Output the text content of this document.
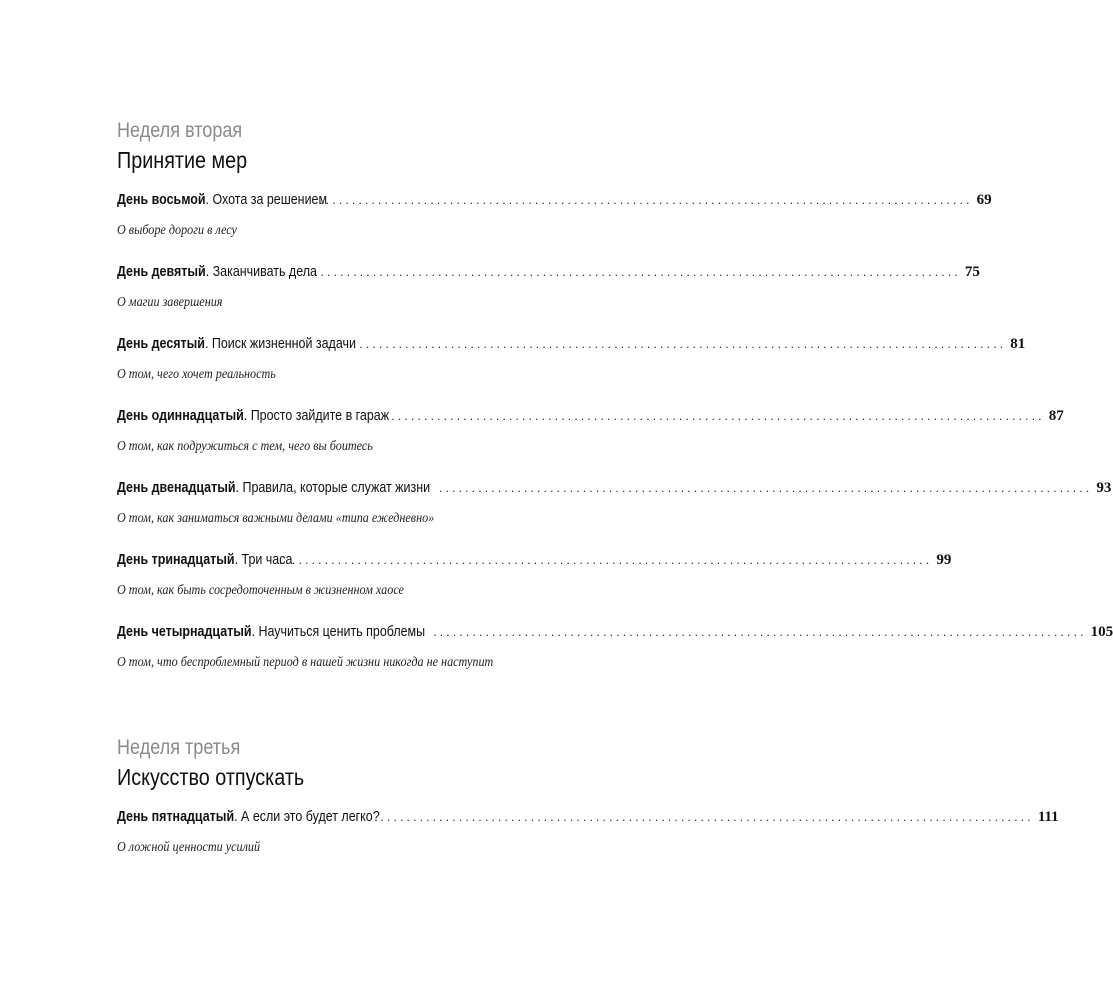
Неделя вторая
Принятие мер
День восьмой. Охота за решением
.................................................................................................... 69
О выборе дороги в лесу
День девятый. Заканчивать дела
.................................................................................................... 75
О магии завершения
День десятый. Поиск жизненной задачи
.................................................................................................... 81
О том, чего хочет реальность
День одиннадцатый. Просто зайдите в гараж .................................................................................................... 87
О том, как подружиться с тем, чего вы боитесь
День двенадцатый. Правила, которые служат жизни .................................................................................................... 93
О том, как заниматься важными делами «типа ежедневно»
День тринадцатый. Три часа
.................................................................................................... 99
О том, как быть сосредоточенным в жизненном хаосе
День четырнадцатый. Научиться ценить проблемы .................................................................................................... 105
О том, что беспроблемный период в нашей жизни никогда не наступит
Неделя третья
Искусство отпускать
День пятнадцатый. А если это будет легко? .................................................................................................... 111
О ложной ценности усилий
